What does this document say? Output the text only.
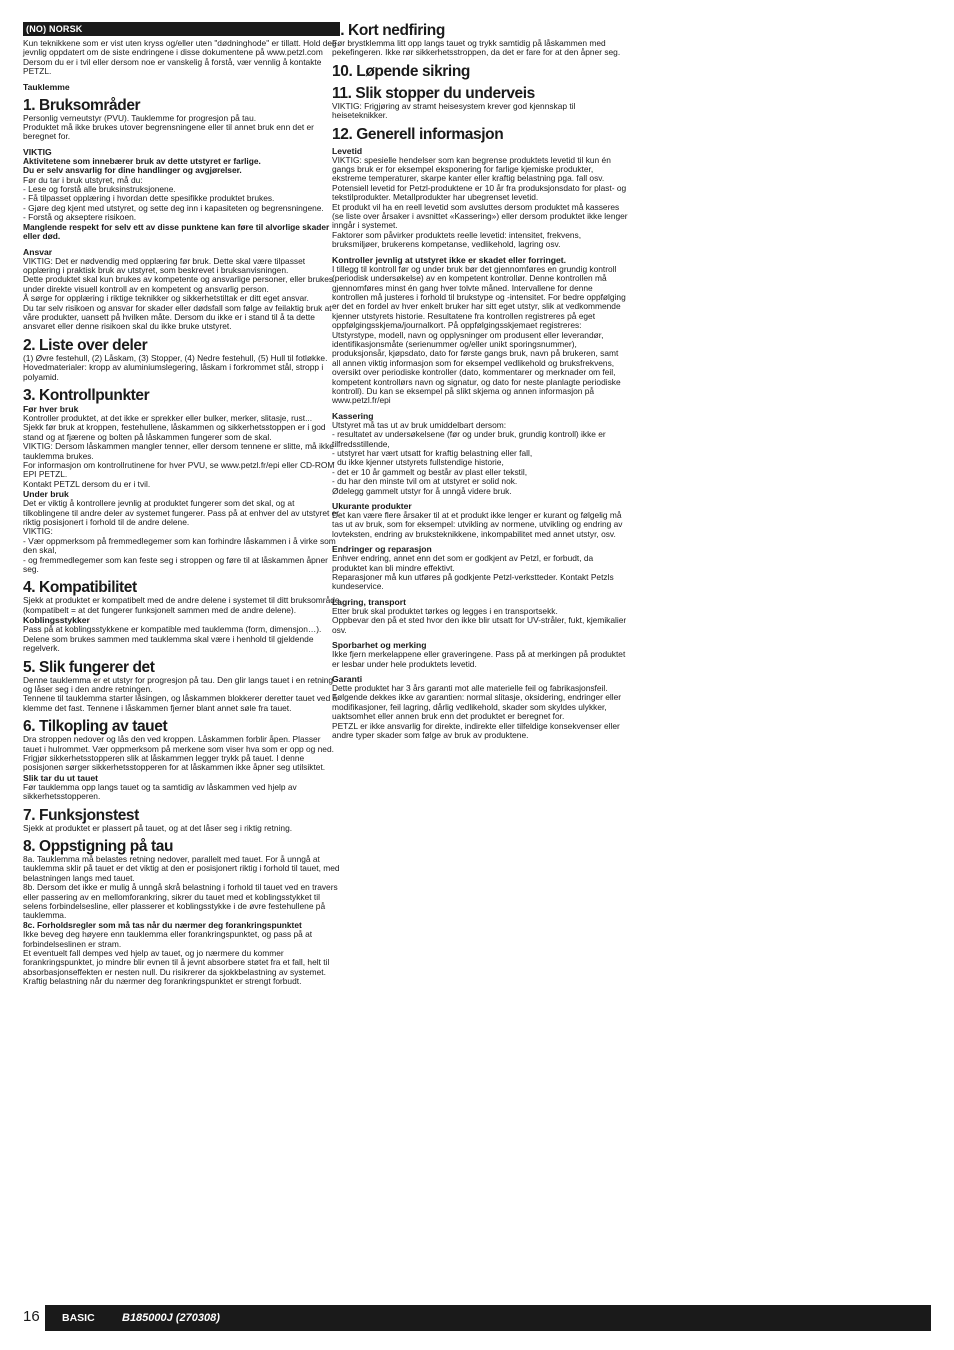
(NO) NORSK

Kun teknikkene som er vist uten kryss og/eller uten "dødninghode" er tillatt. Hold deg jevnlig oppdatert om de siste endringene i disse dokumentene på www.petzl.com

Dersom du er i tvil eller dersom noe er vanskelig å forstå, vær vennlig å kontakte PETZL.

Tauklemme
1. Bruksområder

Personlig verneutstyr (PVU). Tauklemme for progresjon på tau.

Produktet må ikke brukes utover begrensningene eller til annet bruk enn det er beregnet for.

VIKTIG

Aktivitetene som innebærer bruk av dette utstyret er farlige.

Du er selv ansvarlig for dine handlinger og avgjørelser.

Før du tar i bruk utstyret, må du:

- Lese og forstå alle bruksinstruksjonene.

- Få tilpasset opplæring i hvordan dette spesifikke produktet brukes.

- Gjøre deg kjent med utstyret, og sette deg inn i kapasiteten og begrensningene.

- Forstå og akseptere risikoen.

Manglende respekt for selv ett av disse punktene kan føre til alvorlige skader eller død.

Ansvar

VIKTIG: Det er nødvendig med opplæring før bruk. Dette skal være tilpasset opplæring i praktisk bruk av utstyret, som beskrevet i bruksanvisningen.

Dette produktet skal kun brukes av kompetente og ansvarlige personer, eller brukes under direkte visuell kontroll av en kompetent og ansvarlig person.

Å sørge for opplæring i riktige teknikker og sikkerhetstiltak er ditt eget ansvar.

Du tar selv risikoen og ansvar for skader eller dødsfall som følge av feilaktig bruk at våre produkter, uansett på hvilken måte. Dersom du ikke er i stand til å ta dette ansvaret eller denne risikoen skal du ikke bruke utstyret.

2. Liste over deler

(1) Øvre festehull, (2) Låskam, (3) Stopper, (4) Nedre festehull, (5) Hull til fotløkke.

Hovedmaterialer: kropp av aluminiumslegering, låskam i forkrommet stål, stropp i polyamid.

3. Kontrollpunkter
Før hver bruk

Kontroller produktet, at det ikke er sprekker eller bulker, merker, slitasje, rust...

Sjekk før bruk at kroppen, festehullene, låskammen og sikkerhetsstoppen er i god stand og at fjærene og bolten på låskammen fungerer som de skal.

VIKTIG: Dersom låskammen mangler tenner, eller dersom tennene er slitte, må ikke tauklemma brukes.

For informasjon om kontrollrutinene for hver PVU, se www.petzl.fr/epi eller CD-ROM EPI PETZL.

Kontakt PETZL dersom du er i tvil.

Under bruk

Det er viktig å kontrollere jevnlig at produktet fungerer som det skal, og at tilkoblingene til andre deler av systemet fungerer. Pass på at enhver del av utstyret er riktig posisjonert i forhold til de andre delene.

VIKTIG:

- Vær oppmerksom på fremmedlegemer som kan forhindre låskammen i å virke som den skal,

- og fremmedlegemer som kan feste seg i stroppen og føre til at låskammen åpner seg.

4. Kompatibilitet

Sjekk at produktet er kompatibelt med de andre delene i systemet til ditt bruksområde (kompatibelt = at det fungerer funksjonelt sammen med de andre delene).

Koblingsstykker

Pass på at koblingsstykkene er kompatible med tauklemma (form, dimensjon…).

Delene som brukes sammen med tauklemma skal være i henhold til gjeldende regelverk.

5. Slik fungerer det

Denne tauklemma er et utstyr for progresjon på tau. Den glir langs tauet i en retning og låser seg i den andre retningen.

Tennene til tauklemma starter låsingen, og låskammen blokkerer deretter tauet ved å klemme det fast. Tennene i låskammen fjerner blant annet søle fra tauet.

6. Tilkopling av tauet

Dra stroppen nedover og lås den ved kroppen. Låskammen forblir åpen. Plasser tauet i hulrommet. Vær oppmerksom på merkene som viser hva som er opp og ned. Frigjør sikkerhetsstopperen slik at låskammen legger trykk på tauet. I denne posisjonen sørger sikkerhetsstopperen for at låskammen ikke åpner seg utilsiktet.

Slik tar du ut tauet

Før tauklemma opp langs tauet og ta samtidig av låskammen ved hjelp av sikkerhetsstopperen.

7. Funksjonstest

Sjekk at produktet er plassert på tauet, og at det låser seg i riktig retning.

8. Oppstigning på tau

8a. Tauklemma må belastes retning nedover, parallelt med tauet. For å unngå at tauklemma sklir på tauet er det viktig at den er posisjonert riktig i forhold til tauet, med belastningen langs med tauet.

8b. Dersom det ikke er mulig å unngå skrå belastning i forhold til tauet ved en travers eller passering av en mellomforankring, sikrer du tauet med et koblingsstykket til selens forbindelsesline, eller plasserer et koblingsstykke i de øvre festehullene på tauklemma.

8c. Forholdsregler som må tas når du nærmer deg forankringspunktet

Ikke beveg deg høyere enn tauklemma eller forankringspunktet, og pass på at forbindelseslinen er stram.

Et eventuelt fall dempes ved hjelp av tauet, og jo nærmere du kommer forankringspunktet, jo mindre blir evnen til å jevnt absorbere støtet fra et fall, helt til absorbasjonseffekten er nesten null. Du risikrerer da sjokkbelastning av systemet.

Kraftig belastning når du nærmer deg forankringspunktet er strengt forbudt.

9. Kort nedfiring

Før brystklemma litt opp langs tauet og trykk samtidig på låskammen med pekefingeren. Ikke rør sikkerhetsstroppen, da det er fare for at den åpner seg.

10. Løpende sikring
11. Slik stopper du underveis

VIKTIG: Frigjøring av stramt heisesystem krever god kjennskap til heiseteknikker.

12. Generell informasjon
Levetid

VIKTIG: spesielle hendelser som kan begrense produktets levetid til kun én gangs bruk er for eksempel eksponering for farlige kjemiske produkter, ekstreme temperaturer, skarpe kanter eller kraftig belastning pga. fall osv.

Potensiell levetid for Petzl-produktene er 10 år fra produksjonsdato for plast- og tekstilprodukter. Metallprodukter har ubegrenset levetid.

Et produkt vil ha en reell levetid som avsluttes dersom produktet må kasseres (se liste over årsaker i avsnittet «Kassering») eller dersom produktet ikke lenger inngår i systemet.

Faktorer som påvirker produktets reelle levetid: intensitet, frekvens, bruksmiljøer, brukerens kompetanse, vedlikehold, lagring osv.

Kontroller jevnlig at utstyret ikke er skadet eller forringet.

I tillegg til kontroll før og under bruk bør det gjennomføres en grundig kontroll (periodisk undersøkelse) av en kompetent kontrollør. Denne kontrollen må gjennomføres minst én gang hver tolvte måned. Intervallene for denne kontrollen må justeres i forhold til brukstype og -intensitet. For bedre oppfølging er det en fordel av hver enkelt bruker har sitt eget utstyr, slik at vedkommende kjenner utstyrets historie. Resultatene fra kontrollen registreres på eget oppfølgingsskjema/journalkort. På oppfølgingsskjemaet registreres: Utstyrstype, modell, navn og opplysninger om produsent eller leverandør, identifikasjonsmåte (serienummer og/eller unikt sporingsnummer), produksjonsår, kjøpsdato, dato for første gangs bruk, navn på brukeren, samt all annen viktig informasjon som for eksempel vedlikehold og bruksfrekvens, oversikt over periodiske kontroller (dato, kommentarer og merknader om feil, kompetent kontrollørs navn og signatur, og dato for neste planlagte periodiske kontroll). Du kan se eksempel på slikt skjema og annen informasjon på www.petzl.fr/epi

Kassering

Utstyret må tas ut av bruk umiddelbart dersom:

- resultatet av undersøkelsene (før og under bruk, grundig kontroll) ikke er tilfredsstillende,

- utstyret har vært utsatt for kraftig belastning eller fall,

- du ikke kjenner utstyrets fullstendige historie,

- det er 10 år gammelt og består av plast eller tekstil,

- du har den minste tvil om at utstyret er solid nok.

Ødelegg gammelt utstyr for å unngå videre bruk.

Ukurante produkter

Det kan være flere årsaker til at et produkt ikke lenger er kurant og følgelig må tas ut av bruk, som for eksempel: utvikling av normene, utvikling og endring av lovteksten, endring av bruksteknikkene, inkompabilitet med annet utstyr, osv.

Endringer og reparasjon

Enhver endring, annet enn det som er godkjent av Petzl, er forbudt, da produktet kan bli mindre effektivt.

Reparasjoner må kun utføres på godkjente Petzl-verkstteder. Kontakt Petzls kundeservice.

Lagring, transport

Etter bruk skal produktet tørkes og legges i en transportsekk.

Oppbevar den på et sted hvor den ikke blir utsatt for UV-stråler, fukt, kjemikalier osv.

Sporbarhet og merking

Ikke fjern merkelappene eller graveringene. Pass på at merkingen på produktet er lesbar under hele produktets levetid.

Garanti

Dette produktet har 3 års garanti mot alle materielle feil og fabrikasjonsfeil. Følgende dekkes ikke av garantien: normal slitasje, oksidering, endringer eller modifikasjoner, feil lagring, dårlig vedlikehold, skader som skyldes ulykker, uaktsomhet eller annen bruk enn det produktet er beregnet for.

PETZL er ikke ansvarlig for direkte, indirekte eller tilfeldige konsekvenser eller andre typer skader som følge av bruk av produktene.

16 BASIC B185000J (270308)
